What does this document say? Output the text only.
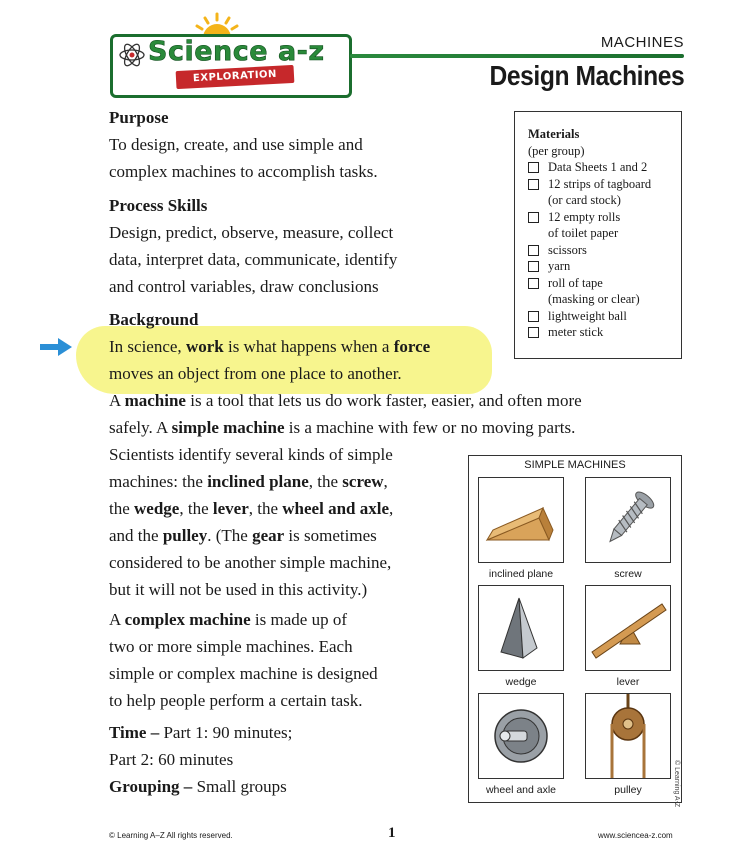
Science a-z
EXPLORATION
MACHINES
Design Machines
Purpose
To design, create, and use simple and
complex machines to accomplish tasks.
Process Skills
Design, predict, observe, measure, collect
data, interpret data, communicate, identify
and control variables, draw conclusions
Materials
(per group)
Data Sheets 1 and 2
12 strips of tagboard
(or card stock)
12 empty rolls
of toilet paper
scissors
yarn
roll of tape
(masking or clear)
lightweight ball
meter stick
Background
In science, work is what happens when a force
moves an object from one place to another.
A machine is a tool that lets us do work faster, easier, and often more
safely. A simple machine is a machine with few or no moving parts.
Scientists identify several kinds of simple
machines: the inclined plane, the screw,
the wedge, the lever, the wheel and axle,
and the pulley. (The gear is sometimes
considered to be another simple machine,
but it will not be used in this activity.)
A complex machine is made up of
two or more simple machines. Each
simple or complex machine is designed
to help people perform a certain task.
Time – Part 1: 90 minutes;
Part 2: 60 minutes
Grouping – Small groups
SIMPLE MACHINES
inclined plane	screw
wedge	lever
wheel and axle	pulley	© Learning A-Z
© Learning A–Z All rights reserved.	1	www.sciencea-z.com
